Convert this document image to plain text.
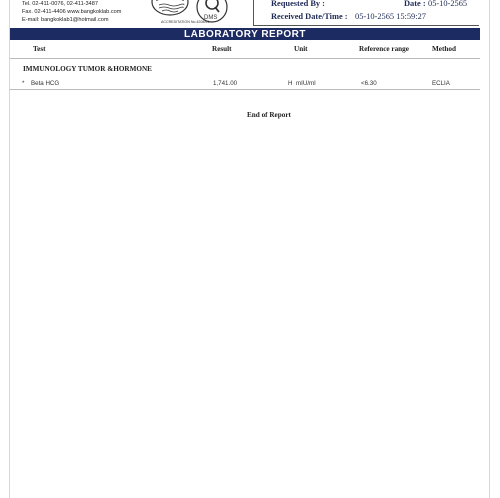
Tel. 02-411-0076, 02-411-3487
Fax. 02-411-4406 www.bangkoklab.com
E-mail: bangkoklab1@hotmail.com	ACCREDITATION No.4208/61
DMS
Requested By :	Date : 05-10-2565
Received Date/Time : 05-10-2565 15:59:27
LABORATORY REPORT
Test	Result	Unit	Reference range	Method
IMMUNOLOGY TUMOR &HORMONE
* Beta HCG	1,741.00	H mIU/ml	<6.30	ECLIA
End of Report
